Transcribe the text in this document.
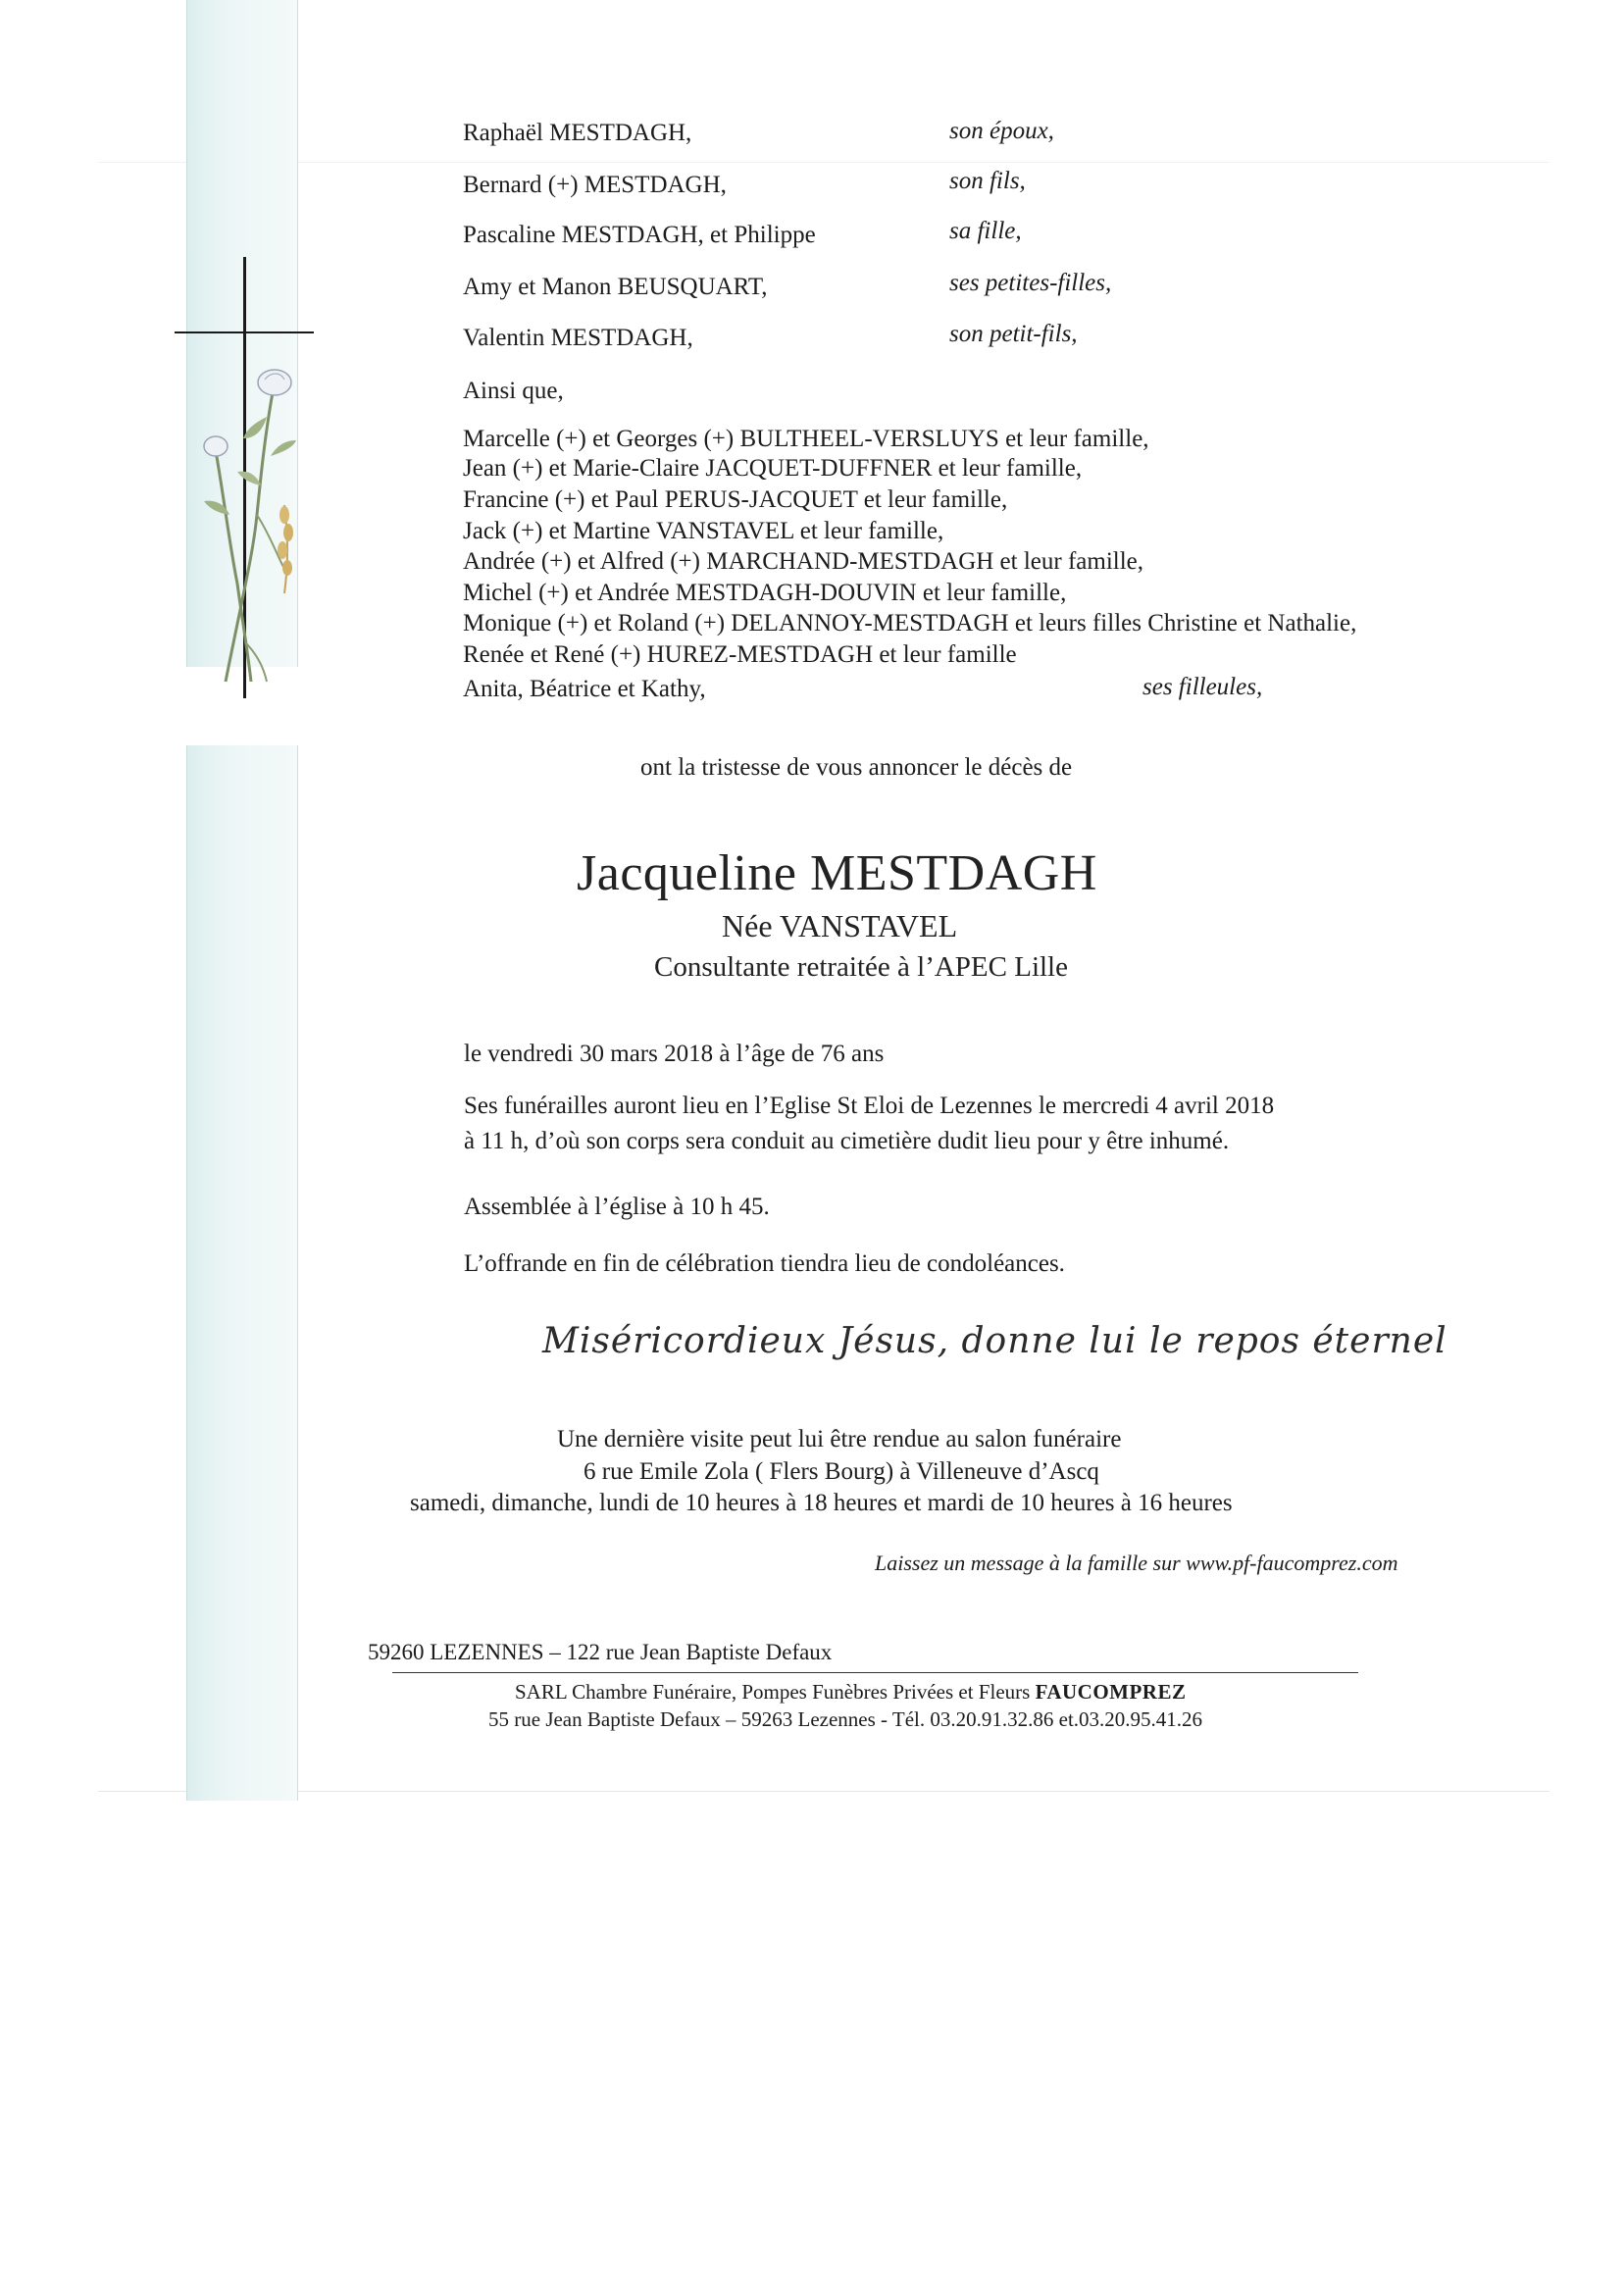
Raphaël MESTDAGH,	son époux,
Bernard (+) MESTDAGH,	son fils,
Pascaline MESTDAGH, et Philippe	sa fille,
Amy et Manon BEUSQUART,	ses petites-filles,
Valentin MESTDAGH,	son petit-fils,
Ainsi que,
Marcelle (+) et Georges (+) BULTHEEL-VERSLUYS et leur famille,
Jean (+) et Marie-Claire JACQUET-DUFFNER et leur famille,
Francine (+) et Paul PERUS-JACQUET et leur famille,
Jack (+) et Martine VANSTAVEL et leur famille,
Andrée (+) et Alfred (+) MARCHAND-MESTDAGH et leur famille,
Michel (+) et Andrée MESTDAGH-DOUVIN et leur famille,
Monique (+) et Roland (+) DELANNOY-MESTDAGH et leurs filles Christine et Nathalie,
Renée et René (+) HUREZ-MESTDAGH et leur famille
Anita, Béatrice et Kathy,	ses filleules,
ont la tristesse de vous annoncer le décès de
Jacqueline MESTDAGH
Née VANSTAVEL
Consultante retraitée à l’APEC Lille
le vendredi 30 mars 2018 à l’âge de 76 ans
Ses funérailles auront lieu en l’Eglise St Eloi de Lezennes le mercredi 4 avril 2018
à 11 h, d’où son corps sera conduit au cimetière dudit lieu pour y être inhumé.
Assemblée à l’église à 10 h 45.
L’offrande en fin de célébration tiendra lieu de condoléances.
Miséricordieux Jésus, donne lui le repos éternel
Une dernière visite peut lui être rendue au salon funéraire
6 rue Emile Zola ( Flers Bourg) à Villeneuve d’Ascq
samedi, dimanche, lundi de 10 heures à 18 heures et mardi de 10 heures à 16 heures
Laissez un message à la famille sur www.pf-faucomprez.com
59260 LEZENNES – 122 rue Jean Baptiste Defaux
SARL Chambre Funéraire, Pompes Funèbres Privées et Fleurs FAUCOMPREZ
55 rue Jean Baptiste Defaux – 59263 Lezennes - Tél. 03.20.91.32.86 et.03.20.95.41.26
